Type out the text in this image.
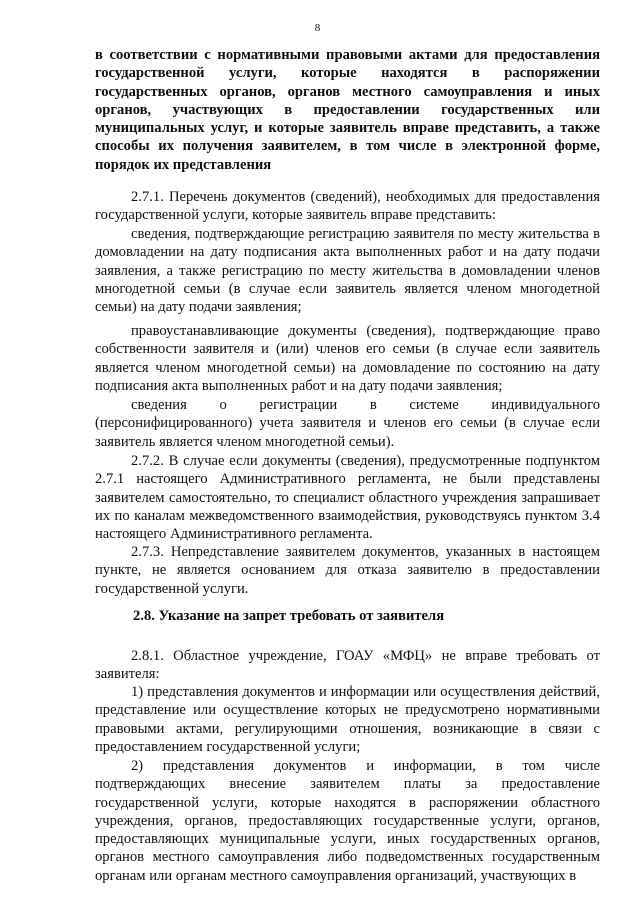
8

в соответствии с нормативными правовыми актами для предоставления государственной услуги, которые находятся в распоряжении государственных органов, органов местного самоуправления и иных органов, участвующих в предоставлении государственных или муниципальных услуг, и которые заявитель вправе представить, а также способы их получения заявителем, в том числе в электронной форме, порядок их представления

2.7.1. Перечень документов (сведений), необходимых для предоставления государственной услуги, которые заявитель вправе представить:

сведения, подтверждающие регистрацию заявителя по месту жительства в домовладении на дату подписания акта выполненных работ и на дату подачи заявления, а также регистрацию по месту жительства в домовладении членов многодетной семьи (в случае если заявитель является членом многодетной семьи) на дату подачи заявления;

правоустанавливающие документы (сведения), подтверждающие право собственности заявителя и (или) членов его семьи (в случае если заявитель является членом многодетной семьи) на домовладение по состоянию на дату подписания акта выполненных работ и на дату подачи заявления;

сведения о регистрации в системе индивидуального (персонифицированного) учета заявителя и членов его семьи (в случае если заявитель является членом многодетной семьи).

2.7.2. В случае если документы (сведения), предусмотренные подпунктом 2.7.1 настоящего Административного регламента, не были представлены заявителем самостоятельно, то специалист областного учреждения запрашивает их по каналам межведомственного взаимодействия, руководствуясь пунктом 3.4 настоящего Административного регламента.

2.7.3. Непредставление заявителем документов, указанных в настоящем пункте, не является основанием для отказа заявителю в предоставлении государственной услуги.

2.8. Указание на запрет требовать от заявителя

2.8.1. Областное учреждение, ГОАУ «МФЦ» не вправе требовать от заявителя:

1) представления документов и информации или осуществления действий, представление или осуществление которых не предусмотрено нормативными правовыми актами, регулирующими отношения, возникающие в связи с предоставлением государственной услуги;

2) представления документов и информации, в том числе подтверждающих внесение заявителем платы за предоставление государственной услуги, которые находятся в распоряжении областного учреждения, органов, предоставляющих государственные услуги, органов, предоставляющих муниципальные услуги, иных государственных органов, органов местного самоуправления либо подведомственных государственным органам или органам местного самоуправления организаций, участвующих в
